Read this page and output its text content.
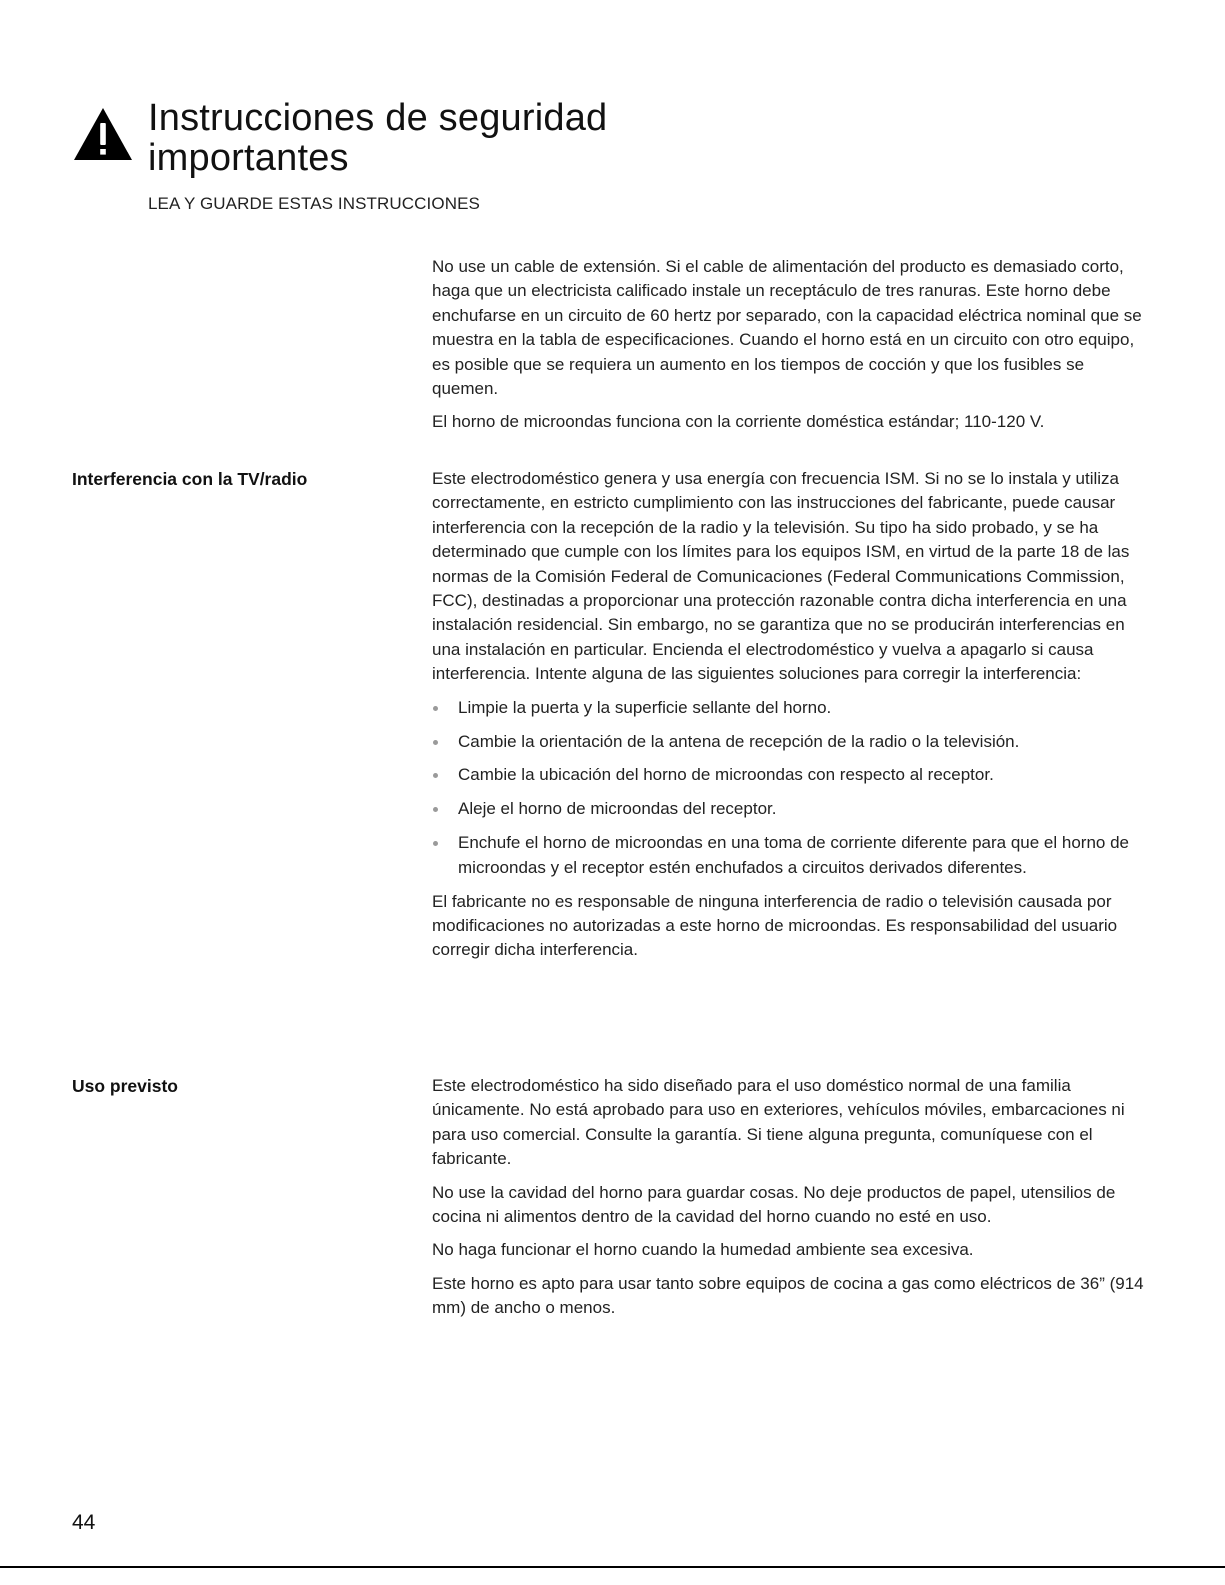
Instrucciones de seguridad importantes
LEA Y GUARDE ESTAS INSTRUCCIONES

No use un cable de extensión. Si el cable de alimentación del producto es demasiado corto, haga que un electricista calificado instale un receptáculo de tres ranuras. Este horno debe enchufarse en un circuito de 60 hertz por separado, con la capacidad eléctrica nominal que se muestra en la tabla de especificaciones. Cuando el horno está en un circuito con otro equipo, es posible que se requiera un aumento en los tiempos de cocción y que los fusibles se quemen.

El horno de microondas funciona con la corriente doméstica estándar; 110-120 V.

Interferencia con la TV/radio	Este electrodoméstico genera y usa energía con frecuencia ISM. Si no se lo instala y utiliza correctamente, en estricto cumplimiento con las instrucciones del fabricante, puede causar interferencia con la recepción de la radio y la televisión. Su tipo ha sido probado, y se ha determinado que cumple con los límites para los equipos ISM, en virtud de la parte 18 de las normas de la Comisión Federal de Comunicaciones (Federal Communications Commission, FCC), destinadas a proporcionar una protección razonable contra dicha interferencia en una instalación residencial. Sin embargo, no se garantiza que no se producirán interferencias en una instalación en particular. Encienda el electrodoméstico y vuelva a apagarlo si causa interferencia. Intente alguna de las siguientes soluciones para corregir la interferencia:

Limpie la puerta y la superficie sellante del horno.
Cambie la orientación de la antena de recepción de la radio o la televisión.
Cambie la ubicación del horno de microondas con respecto al receptor.
Aleje el horno de microondas del receptor.
Enchufe el horno de microondas en una toma de corriente diferente para que el horno de microondas y el receptor estén enchufados a circuitos derivados diferentes.

El fabricante no es responsable de ninguna interferencia de radio o televisión causada por modificaciones no autorizadas a este horno de microondas. Es responsabilidad del usuario corregir dicha interferencia.

Uso previsto	Este electrodoméstico ha sido diseñado para el uso doméstico normal de una familia únicamente. No está aprobado para uso en exteriores, vehículos móviles, embarcaciones ni para uso comercial. Consulte la garantía. Si tiene alguna pregunta, comuníquese con el fabricante.

No use la cavidad del horno para guardar cosas. No deje productos de papel, utensilios de cocina ni alimentos dentro de la cavidad del horno cuando no esté en uso.

No haga funcionar el horno cuando la humedad ambiente sea excesiva.

Este horno es apto para usar tanto sobre equipos de cocina a gas como eléctricos de 36” (914 mm) de ancho o menos.

44
